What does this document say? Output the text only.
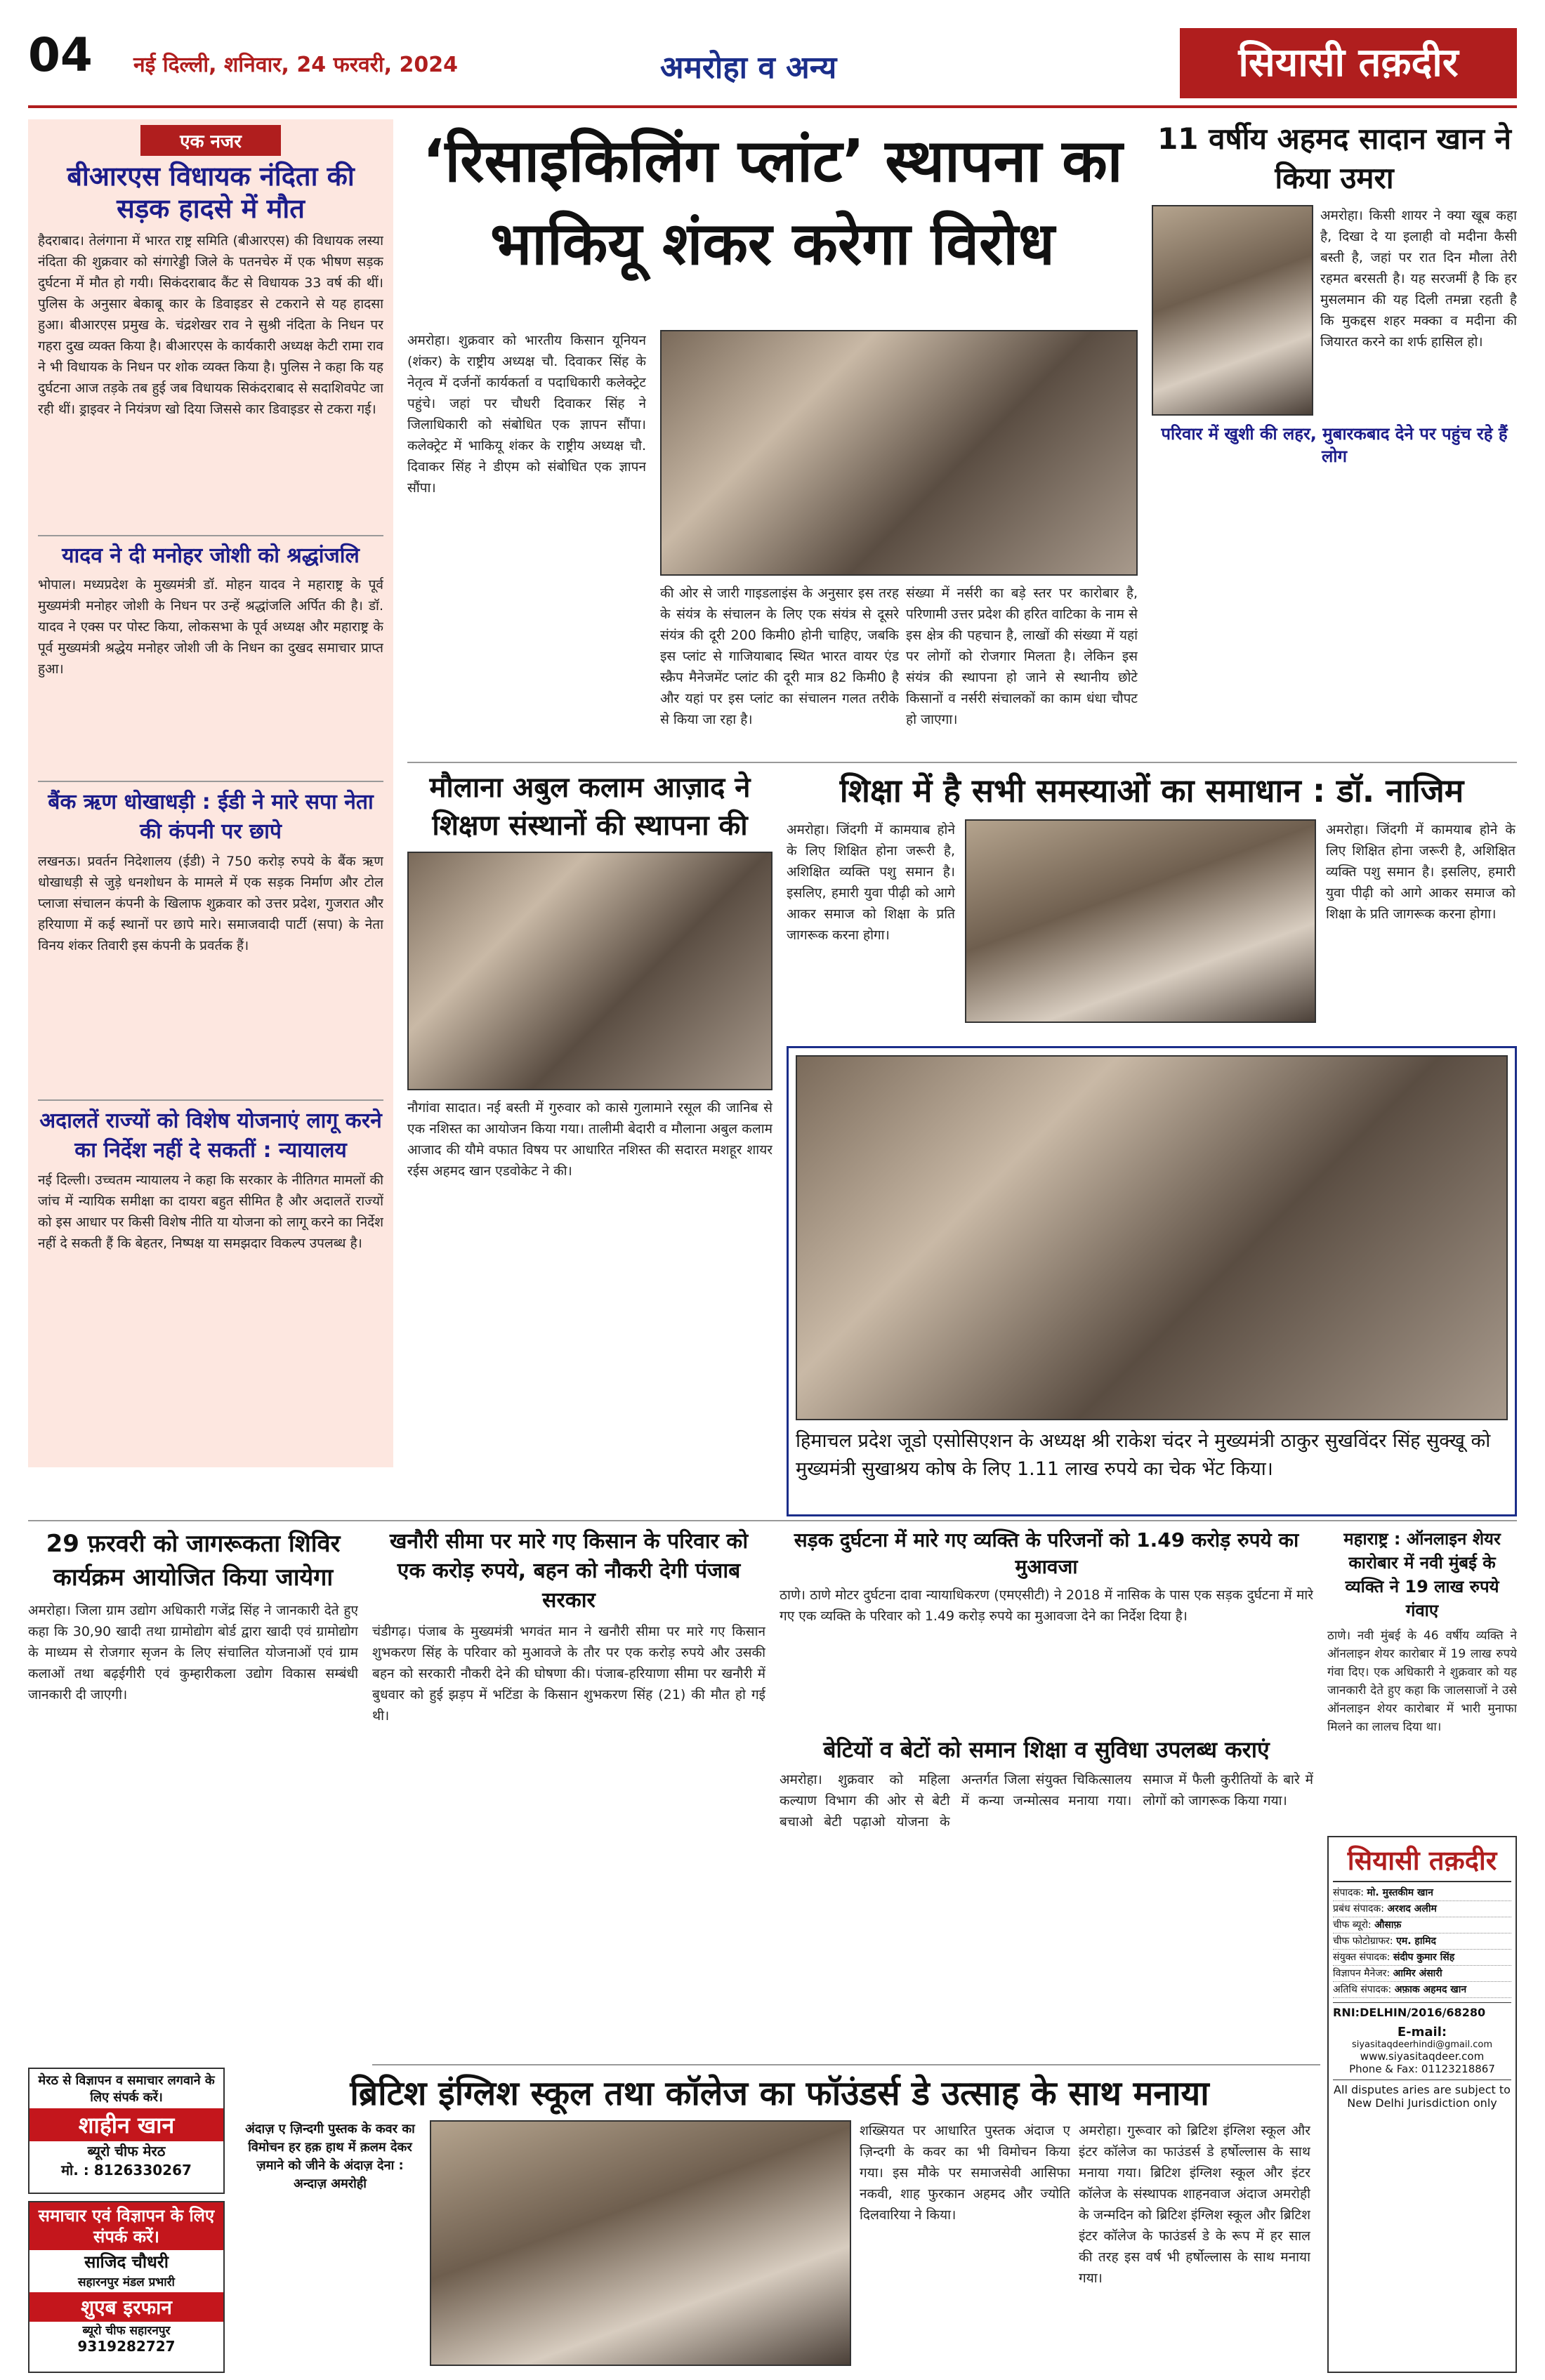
04 नई दिल्ली, शनिवार, 24 फरवरी, 2024	अमरोहा व अन्य	सियासी तक़दीर
एक नजर
बीआरएस विधायक नंदिता की सड़क हादसे में मौत
हैदराबाद। तेलंगाना में भारत राष्ट्र समिति (बीआरएस) की विधायक लस्या नंदिता की शुक्रवार को संगारेड्डी जिले के पतनचेरु में एक भीषण सड़क दुर्घटना में मौत हो गयी। सिकंदराबाद कैंट से विधायक 33 वर्ष की थीं। पुलिस के अनुसार बेकाबू कार के डिवाइडर से टकराने से यह हादसा हुआ। बीआरएस प्रमुख के. चंद्रशेखर राव ने सुश्री नंदिता के निधन पर गहरा दुख व्यक्त किया है। बीआरएस के कार्यकारी अध्यक्ष केटी रामा राव ने भी विधायक के निधन पर शोक व्यक्त किया है। पुलिस ने कहा कि यह दुर्घटना आज तड़के तब हुई जब विधायक सिकंदराबाद से सदाशिवपेट जा रही थीं। ड्राइवर ने नियंत्रण खो दिया जिससे कार डिवाइडर से टकरा गई।
यादव ने दी मनोहर जोशी को श्रद्धांजलि
भोपाल। मध्यप्रदेश के मुख्यमंत्री डॉ. मोहन यादव ने महाराष्ट्र के पूर्व मुख्यमंत्री मनोहर जोशी के निधन पर उन्हें श्रद्धांजलि अर्पित की है। डॉ. यादव ने एक्स पर पोस्ट किया, लोकसभा के पूर्व अध्यक्ष और महाराष्ट्र के पूर्व मुख्यमंत्री श्रद्धेय मनोहर जोशी जी के निधन का दुखद समाचार प्राप्त हुआ।
बैंक ऋण धोखाधड़ी : ईडी ने मारे सपा नेता की कंपनी पर छापे
लखनऊ। प्रवर्तन निदेशालय (ईडी) ने 750 करोड़ रुपये के बैंक ऋण धोखाधड़ी से जुड़े धनशोधन के मामले में एक सड़क निर्माण और टोल प्लाजा संचालन कंपनी के खिलाफ शुक्रवार को उत्तर प्रदेश, गुजरात और हरियाणा में कई स्थानों पर छापे मारे। समाजवादी पार्टी (सपा) के नेता विनय शंकर तिवारी इस कंपनी के प्रवर्तक हैं।
अदालतें राज्यों को विशेष योजनाएं लागू करने का निर्देश नहीं दे सकतीं : न्यायालय
नई दिल्ली। उच्चतम न्यायालय ने कहा कि सरकार के नीतिगत मामलों की जांच में न्यायिक समीक्षा का दायरा बहुत सीमित है और अदालतें राज्यों को इस आधार पर किसी विशेष नीति या योजना को लागू करने का निर्देश नहीं दे सकती हैं कि बेहतर, निष्पक्ष या समझदार विकल्प उपलब्ध है।
‘रिसाइकिलिंग प्लांट’ स्थापना का भाकियू शंकर करेगा विरोध
अमरोहा। शुक्रवार को भारतीय किसान यूनियन (शंकर) के राष्ट्रीय अध्यक्ष चौ. दिवाकर सिंह के नेतृत्व में दर्जनों कार्यकर्ता व पदाधिकारी कलेक्ट्रेट पहुंचे। जहां पर चौधरी दिवाकर सिंह ने जिलाधिकारी को संबोधित एक ज्ञापन सौंपा। कलेक्ट्रेट में भाकियू शंकर के राष्ट्रीय अध्यक्ष चौ. दिवाकर सिंह ने डीएम को संबोधित एक ज्ञापन सौंपा।
की ओर से जारी गाइडलाइंस के अनुसार इस तरह के संयंत्र के संचालन के लिए एक संयंत्र से दूसरे संयंत्र की दूरी 200 किमी0 होनी चाहिए, जबकि इस प्लांट से गाजियाबाद स्थित भारत वायर एंड स्क्रैप मैनेजमेंट प्लांट की दूरी मात्र 82 किमी0 है और यहां पर इस प्लांट का संचालन गलत तरीके से किया जा रहा है।
संख्या में नर्सरी का बड़े स्तर पर कारोबार है, परिणामी उत्तर प्रदेश की हरित वाटिका के नाम से इस क्षेत्र की पहचान है, लाखों की संख्या में यहां पर लोगों को रोजगार मिलता है। लेकिन इस संयंत्र की स्थापना हो जाने से स्थानीय छोटे किसानों व नर्सरी संचालकों का काम धंधा चौपट हो जाएगा।
11 वर्षीय अहमद सादान खान ने किया उमरा
अमरोहा। किसी शायर ने क्या खूब कहा है, दिखा दे या इलाही वो मदीना कैसी बस्ती है, जहां पर रात दिन मौला तेरी रहमत बरसती है। यह सरजमीं है कि हर मुसलमान की यह दिली तमन्ना रहती है कि मुकद्दस शहर मक्का व मदीना की जियारत करने का शर्फ हासिल हो।
परिवार में खुशी की लहर, मुबारकबाद देने पर पहुंच रहे हैं लोग
मौलाना अबुल कलाम आज़ाद ने शिक्षण संस्थानों की स्थापना की
नौगांवा सादात। नई बस्ती में गुरुवार को कासे गुलामाने रसूल की जानिब से एक नशिस्त का आयोजन किया गया। तालीमी बेदारी व मौलाना अबुल कलाम आजाद की यौमे वफात विषय पर आधारित नशिस्त की सदारत मशहूर शायर रईस अहमद खान एडवोकेट ने की।
शिक्षा में है सभी समस्याओं का समाधान : डॉ. नाजिम
अमरोहा। जिंदगी में कामयाब होने के लिए शिक्षित होना जरूरी है, अशिक्षित व्यक्ति पशु समान है। इसलिए, हमारी युवा पीढ़ी को आगे आकर समाज को शिक्षा के प्रति जागरूक करना होगा।
अमरोहा। जिंदगी में कामयाब होने के लिए शिक्षित होना जरूरी है, अशिक्षित व्यक्ति पशु समान है। इसलिए, हमारी युवा पीढ़ी को आगे आकर समाज को शिक्षा के प्रति जागरूक करना होगा।
हिमाचल प्रदेश जूडो एसोसिएशन के अध्यक्ष श्री राकेश चंदर ने मुख्यमंत्री ठाकुर सुखविंदर सिंह सुक्खू को मुख्यमंत्री सुखाश्रय कोष के लिए 1.11 लाख रुपये का चेक भेंट किया।
29 फ़रवरी को जागरूकता शिविर कार्यक्रम आयोजित किया जायेगा
अमरोहा। जिला ग्राम उद्योग अधिकारी गजेंद्र सिंह ने जानकारी देते हुए कहा कि 30,90 खादी तथा ग्रामोद्योग बोर्ड द्वारा खादी एवं ग्रामोद्योग के माध्यम से रोजगार सृजन के लिए संचालित योजनाओं एवं ग्राम कलाओं तथा बढ़ईगीरी एवं कुम्हारीकला उद्योग विकास सम्बंधी जानकारी दी जाएगी।
खनौरी सीमा पर मारे गए किसान के परिवार को एक करोड़ रुपये, बहन को नौकरी देगी पंजाब सरकार
चंडीगढ़। पंजाब के मुख्यमंत्री भगवंत मान ने खनौरी सीमा पर मारे गए किसान शुभकरण सिंह के परिवार को मुआवजे के तौर पर एक करोड़ रुपये और उसकी बहन को सरकारी नौकरी देने की घोषणा की। पंजाब-हरियाणा सीमा पर खनौरी में बुधवार को हुई झड़प में भटिंडा के किसान शुभकरण सिंह (21) की मौत हो गई थी।
सड़क दुर्घटना में मारे गए व्यक्ति के परिजनों को 1.49 करोड़ रुपये का मुआवजा
ठाणे। ठाणे मोटर दुर्घटना दावा न्यायाधिकरण (एमएसीटी) ने 2018 में नासिक के पास एक सड़क दुर्घटना में मारे गए एक व्यक्ति के परिवार को 1.49 करोड़ रुपये का मुआवजा देने का निर्देश दिया है।
महाराष्ट्र : ऑनलाइन शेयर कारोबार में नवी मुंबई के व्यक्ति ने 19 लाख रुपये गंवाए
ठाणे। नवी मुंबई के 46 वर्षीय व्यक्ति ने ऑनलाइन शेयर कारोबार में 19 लाख रुपये गंवा दिए। एक अधिकारी ने शुक्रवार को यह जानकारी देते हुए कहा कि जालसाजों ने उसे ऑनलाइन शेयर कारोबार में भारी मुनाफा मिलने का लालच दिया था।
बेटियों व बेटों को समान शिक्षा व सुविधा उपलब्ध कराएं
अमरोहा। शुक्रवार को महिला कल्याण विभाग की ओर से बेटी बचाओ बेटी पढ़ाओ योजना के अन्तर्गत जिला संयुक्त चिकित्सालय में कन्या जन्मोत्सव मनाया गया। समाज में फैली कुरीतियों के बारे में लोगों को जागरूक किया गया।
सियासी तक़दीर
संपादक: मो. मुस्तकीम खान
प्रबंध संपादक: अरशद अलीम
चीफ ब्यूरो: औसाफ़
चीफ फोटोग्राफर: एम. हामिद
संयुक्त संपादक: संदीप कुमार सिंह
विज्ञापन मैनेजर: आमिर अंसारी
अतिथि संपादक: अफ़ाक अहमद खान
RNI:DELHIN/2016/68280
E-mail:
siyasitaqdeerhindi@gmail.com
www.siyasitaqdeer.com
Phone & Fax: 01123218867
All disputes aries are subject to New Delhi Jurisdiction only
मेरठ से विज्ञापन व समाचार लगवाने के लिए संपर्क करें।
शाहीन खान
ब्यूरो चीफ मेरठ
मो. : 8126330267
समाचार एवं विज्ञापन के लिए संपर्क करें।
साजिद चौधरी
सहारनपुर मंडल प्रभारी
शुएब इरफान
ब्यूरो चीफ सहारनपुर
9319282727
ब्रिटिश इंग्लिश स्कूल तथा कॉलेज का फॉउंडर्स डे उत्साह के साथ मनाया
अंदाज़ ए ज़िन्दगी पुस्तक के कवर का विमोचन हर हक़ हाथ में क़लम देकर ज़माने को जीने के अंदाज़ देना : अन्दाज़ अमरोही
शख्सियत पर आधारित पुस्तक अंदाज ए ज़िन्दगी के कवर का भी विमोचन किया गया। इस मौके पर समाजसेवी आसिफा नकवी, शाह फुरकान अहमद और ज्योति दिलवारिया ने किया।
अमरोहा। गुरूवार को ब्रिटिश इंग्लिश स्कूल और इंटर कॉलेज का फाउंडर्स डे हर्षोल्लास के साथ मनाया गया। ब्रिटिश इंग्लिश स्कूल और इंटर कॉलेज के संस्थापक शाहनवाज अंदाज अमरोही के जन्मदिन को ब्रिटिश इंग्लिश स्कूल और ब्रिटिश इंटर कॉलेज के फाउंडर्स डे के रूप में हर साल की तरह इस वर्ष भी हर्षोल्लास के साथ मनाया गया।
